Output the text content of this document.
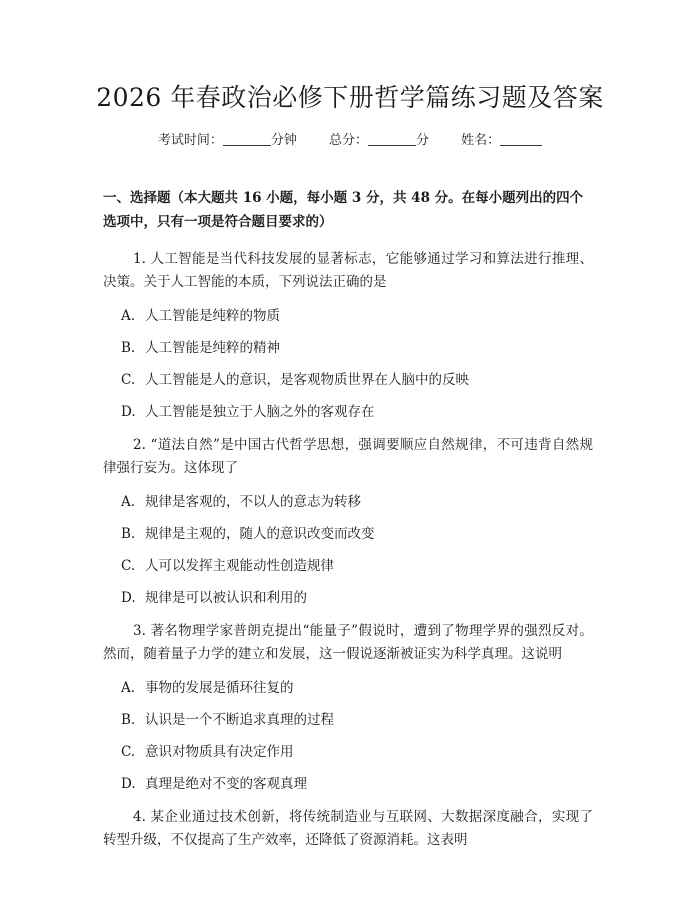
2026 年春政治必修下册哲学篇练习题及答案
考试时间：	分钟 总分：	分 姓名：
一、选择题（本大题共 16 小题，每小题 3 分，共 48 分。在每小题列出的四个选项中，只有一项是符合题目要求的）
1. 人工智能是当代科技发展的显著标志，它能够通过学习和算法进行推理、决策。关于人工智能的本质，下列说法正确的是
A. 人工智能是纯粹的物质
B. 人工智能是纯粹的精神
C. 人工智能是人的意识，是客观物质世界在人脑中的反映
D. 人工智能是独立于人脑之外的客观存在
2. “道法自然”是中国古代哲学思想，强调要顺应自然规律，不可违背自然规律强行妄为。这体现了
A. 规律是客观的，不以人的意志为转移
B. 规律是主观的，随人的意识改变而改变
C. 人可以发挥主观能动性创造规律
D. 规律是可以被认识和利用的
3. 著名物理学家普朗克提出“能量子”假说时，遭到了物理学界的强烈反对。然而，随着量子力学的建立和发展，这一假说逐渐被证实为科学真理。这说明
A. 事物的发展是循环往复的
B. 认识是一个不断追求真理的过程
C. 意识对物质具有决定作用
D. 真理是绝对不变的客观真理
4. 某企业通过技术创新，将传统制造业与互联网、大数据深度融合，实现了转型升级，不仅提高了生产效率，还降低了资源消耗。这表明
